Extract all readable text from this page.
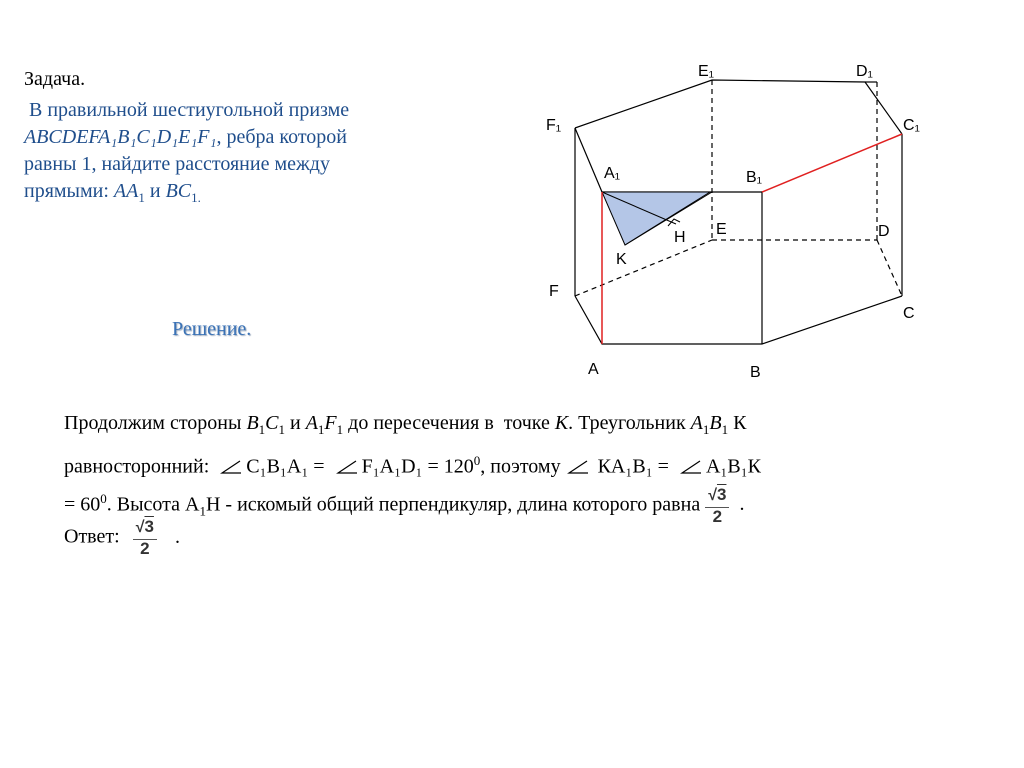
Задача.
В правильной шестиугольной призме
ABCDEFA₁B₁C₁D₁E₁F₁, ребра которой
равны 1, найдите расстояние между
прямыми: $AA_1$ и $BC_{1.}$
Решение.
E₁	D₁
F₁	C₁
A₁	B₁
H E	D
K
F
C
A	B
Продолжим стороны $B_1C_1$ и $A_1F_1$ до пересечения в  точке К. Треугольник $A_1B_1$ К
равносторонний: $C_1B_1A_1 = F_1A_1D_1 = 120^0$, поэтому КA₁B₁ = A₁B₁К
= $60^0$. Высота $A_1H$ - искомый общий перпендикуляр, длина которого равна $\frac{√3}{2}$ .
Ответ: $\frac{√3}{2}$ .
